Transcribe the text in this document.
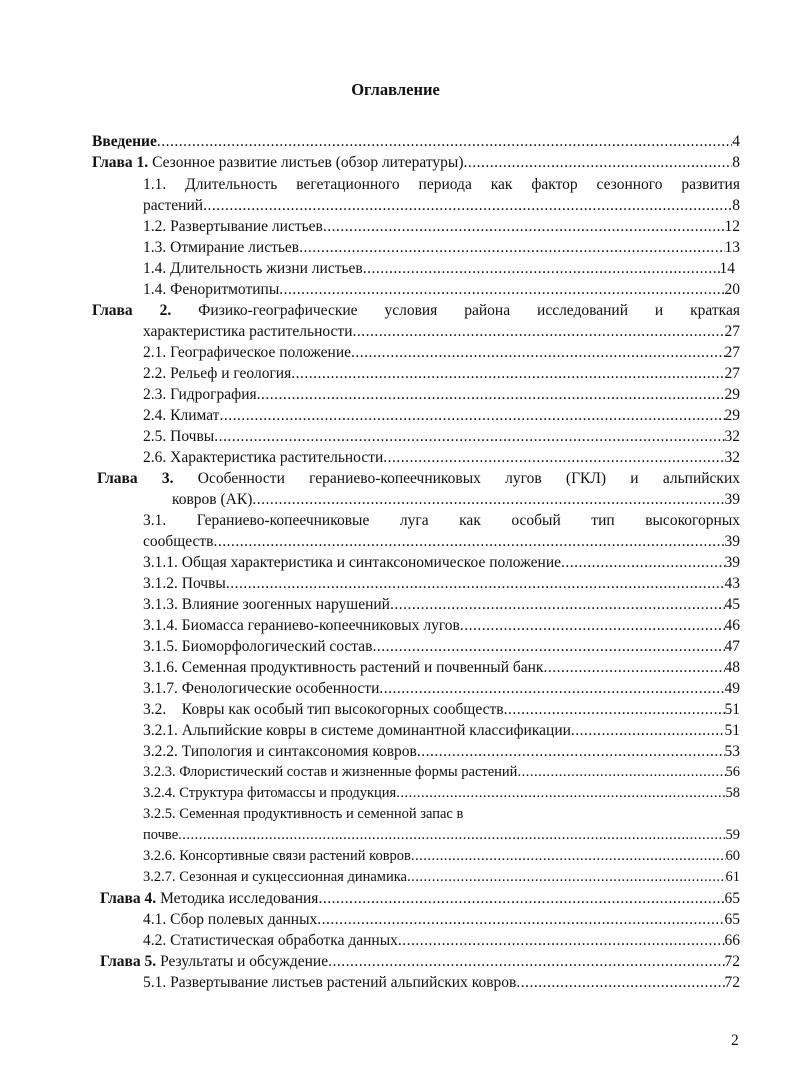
Оглавление
Введение .....	4
Глава 1. Сезонное развитие листьев (обзор литературы) .....	8
1.1. Длительность вегетационного периода как фактор сезонного развития
растений .....	8
1.2. Развертывание листьев .....	12
1.3. Отмирание листьев .....	13
1.4. Длительность жизни листьев .....	14
1.4. Феноритмотипы .....	20
Глава 2. Физико-географические условия района исследований и краткая
характеристика растительности .....	27
2.1. Географическое положение .....	27
2.2. Рельеф и геология .....	27
2.3. Гидрография .....	29
2.4. Климат .....	29
2.5. Почвы .....	32
2.6. Характеристика растительности .....	32
Глава 3. Особенности гераниево-копеечниковых лугов (ГКЛ) и альпийских
ковров (АК) .....	39
3.1. Гераниево-копеечниковые луга как особый тип высокогорных
сообществ .....	39
3.1.1. Общая характеристика и синтаксономическое положение .....	39
3.1.2. Почвы .....	43
3.1.3. Влияние зоогенных нарушений .....	45
3.1.4. Биомасса гераниево-копеечниковых лугов .....	46
3.1.5. Биоморфологический состав .....	47
3.1.6. Семенная продуктивность растений и почвенный банк .....	48
3.1.7. Фенологические особенности .....	49
3.2.    Ковры как особый тип высокогорных сообществ .....	51
3.2.1. Альпийские ковры в системе доминантной классификации .....	51
3.2.2. Типология и синтаксономия ковров .....	53
3.2.3. Флористический состав и жизненные формы растений .....	56
3.2.4. Структура фитомассы и продукция .....	58
3.2.5. Семенная продуктивность и семенной запас в
почве .....	59
3.2.6. Консортивные связи растений ковров .....	60
3.2.7. Сезонная и сукцессионная динамика .....	61
Глава 4. Методика исследования .....	65
4.1. Сбор полевых данных .....	65
4.2. Статистическая обработка данных .....	66
Глава 5. Результаты и обсуждение .....	72
5.1. Развертывание листьев растений альпийских ковров .....	72
2
